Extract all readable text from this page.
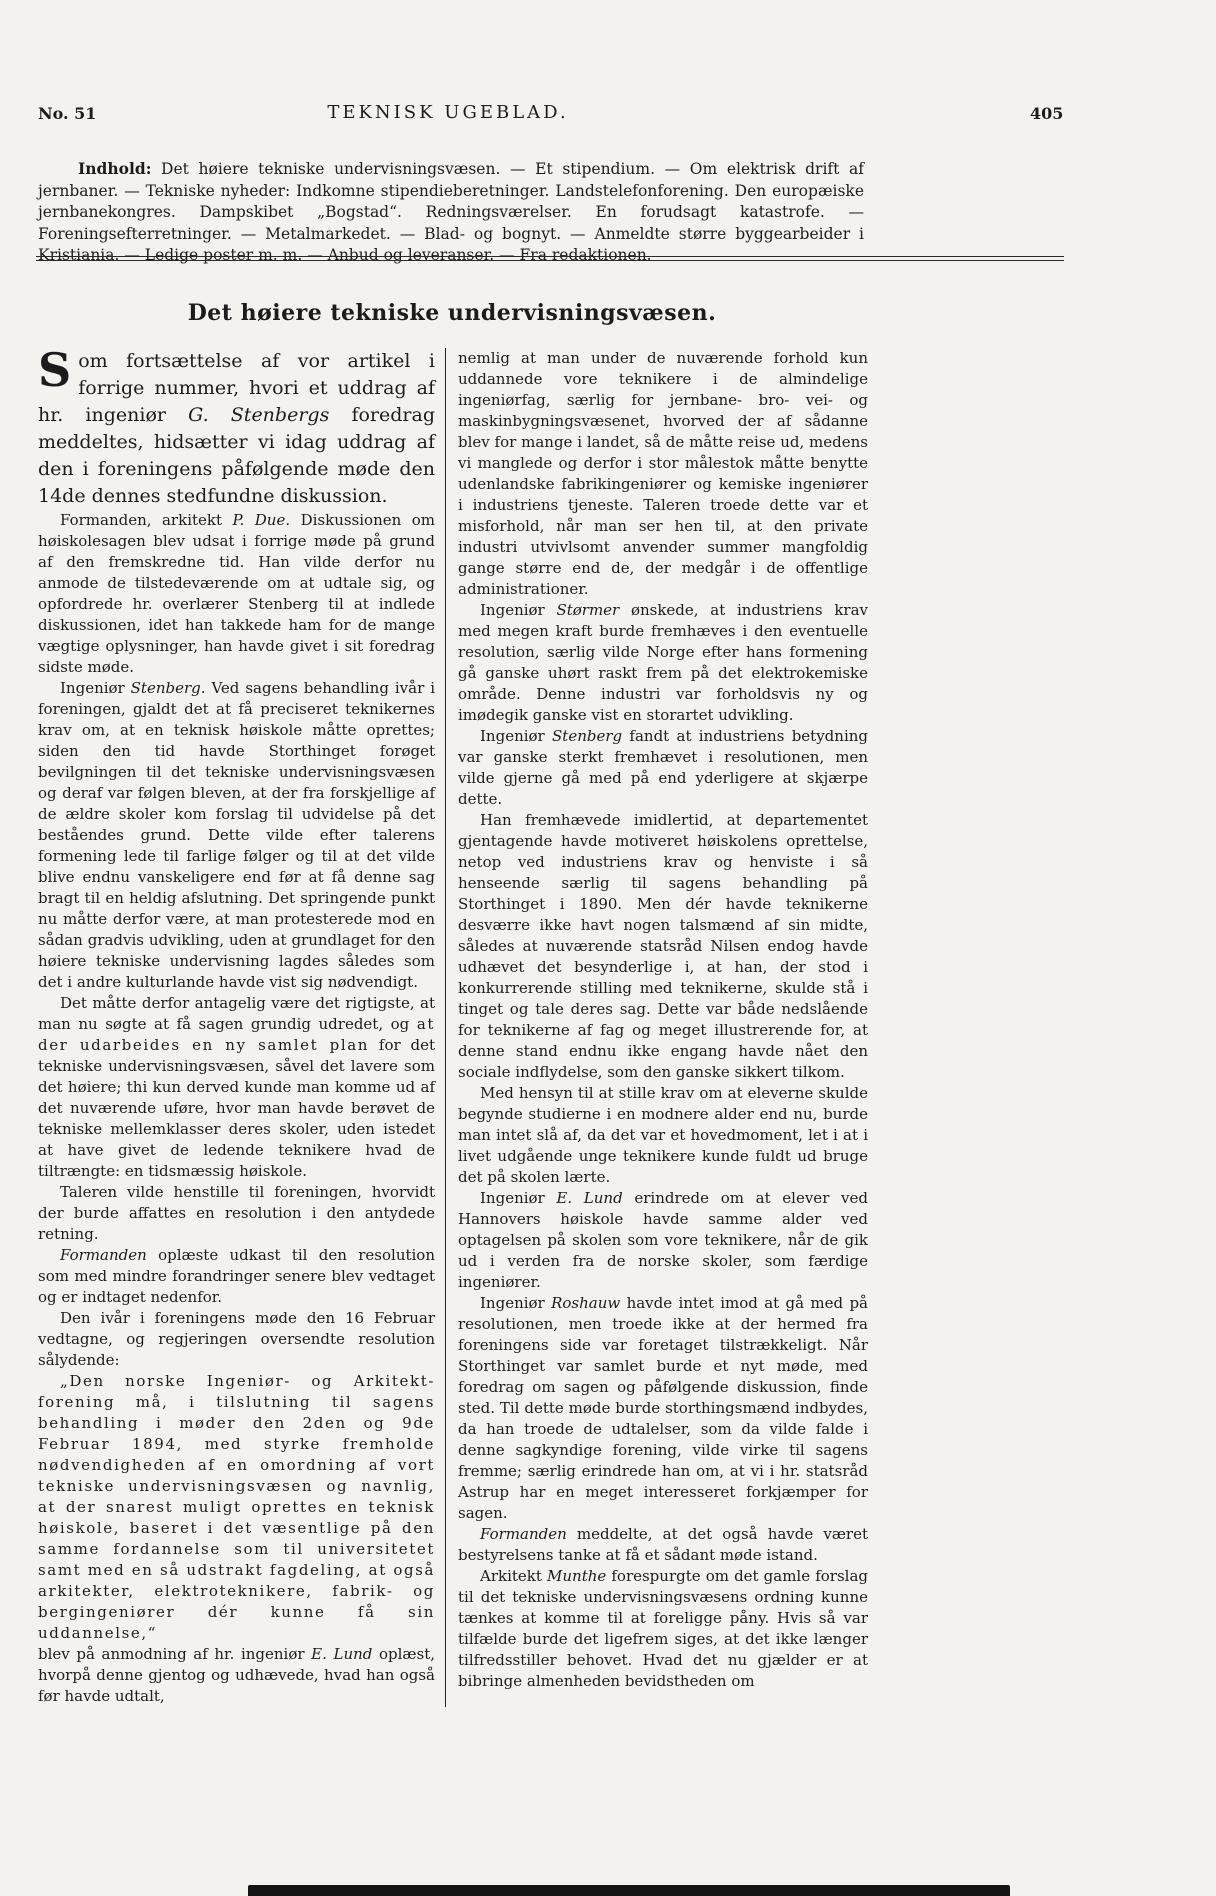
No. 51	TEKNISK UGEBLAD.	405

Indhold: Det høiere tekniske undervisningsvæsen. — Et stipendium. — Om elektrisk drift af jernbaner. — Tekniske nyheder: Indkomne stipendieberetninger. Landstelefonforening. Den europæiske jernbanekongres. Dampskibet „Bogstad“. Redningsværelser. En forudsagt katastrofe. — Foreningsefterretninger. — Metalmarkedet. — Blad- og bognyt. — Anmeldte større byggearbeider i Kristiania. — Ledige poster m. m. — Anbud og leveranser. — Fra redaktionen.

Det høiere tekniske undervisningsvæsen.

Som fortsættelse af vor artikel i forrige nummer, hvori et uddrag af hr. ingeniør G. Stenbergs foredrag meddeltes, hidsætter vi idag uddrag af den i foreningens påfølgende møde den 14de dennes stedfundne diskussion.

Formanden, arkitekt P. Due. Diskussionen om høiskolesagen blev udsat i forrige møde på grund af den fremskredne tid. Han vilde derfor nu anmode de tilstedeværende om at udtale sig, og opfordrede hr. overlærer Stenberg til at indlede diskussionen, idet han takkede ham for de mange vægtige oplysninger, han havde givet i sit foredrag sidste møde.

Ingeniør Stenberg. Ved sagens behandling ivår i foreningen, gjaldt det at få preciseret teknikernes krav om, at en teknisk høiskole måtte oprettes; siden den tid havde Storthinget forøget bevilgningen til det tekniske undervisningsvæsen og deraf var følgen bleven, at der fra forskjellige af de ældre skoler kom forslag til udvidelse på det beståendes grund. Dette vilde efter talerens formening lede til farlige følger og til at det vilde blive endnu vanskeligere end før at få denne sag bragt til en heldig afslutning. Det springende punkt nu måtte derfor være, at man protesterede mod en sådan gradvis udvikling, uden at grundlaget for den høiere tekniske undervisning lagdes således som det i andre kulturlande havde vist sig nødvendigt.

Det måtte derfor antagelig være det rigtigste, at man nu søgte at få sagen grundig udredet, og at der udarbeides en ny samlet plan for det tekniske undervisningsvæsen, såvel det lavere som det høiere; thi kun derved kunde man komme ud af det nuværende uføre, hvor man havde berøvet de tekniske mellemklasser deres skoler, uden istedet at have givet de ledende teknikere hvad de tiltrængte: en tidsmæssig høiskole.

Taleren vilde henstille til foreningen, hvorvidt der burde affattes en resolution i den antydede retning.

Formanden oplæste udkast til den resolution som med mindre forandringer senere blev vedtaget og er indtaget nedenfor.

Den ivår i foreningens møde den 16 Februar vedtagne, og regjeringen oversendte resolution sålydende:

„Den norske Ingeniør- og Arkitekt-forening må, i tilslutning til sagens behandling i møder den 2den og 9de Februar 1894, med styrke fremholde nødvendigheden af en omordning af vort tekniske undervisningsvæsen og navnlig, at der snarest muligt oprettes en teknisk høiskole, baseret i det væsentlige på den samme fordannelse som til universitetet samt med en så udstrakt fagdeling, at også arkitekter, elektroteknikere, fabrik- og bergingeniører dér kunne få sin uddannelse,“

blev på anmodning af hr. ingeniør E. Lund oplæst, hvorpå denne gjentog og udhævede, hvad han også før havde udtalt,

nemlig at man under de nuværende forhold kun uddannede vore teknikere i de almindelige ingeniørfag, særlig for jernbane- bro- vei- og maskinbygningsvæsenet, hvorved der af sådanne blev for mange i landet, så de måtte reise ud, medens vi manglede og derfor i stor målestok måtte benytte udenlandske fabrikingeniører og kemiske ingeniører i industriens tjeneste. Taleren troede dette var et misforhold, når man ser hen til, at den private industri utvivlsomt anvender summer mangfoldig gange større end de, der medgår i de offentlige administrationer.

Ingeniør Størmer ønskede, at industriens krav med megen kraft burde fremhæves i den eventuelle resolution, særlig vilde Norge efter hans formening gå ganske uhørt raskt frem på det elektrokemiske område. Denne industri var forholdsvis ny og imødegik ganske vist en storartet udvikling.

Ingeniør Stenberg fandt at industriens betydning var ganske sterkt fremhævet i resolutionen, men vilde gjerne gå med på end yderligere at skjærpe dette.

Han fremhævede imidlertid, at departementet gjentagende havde motiveret høiskolens oprettelse, netop ved industriens krav og henviste i så henseende særlig til sagens behandling på Storthinget i 1890. Men dér havde teknikerne desværre ikke havt nogen talsmænd af sin midte, således at nuværende statsråd Nilsen endog havde udhævet det besynderlige i, at han, der stod i konkurrerende stilling med teknikerne, skulde stå i tinget og tale deres sag. Dette var både nedslående for teknikerne af fag og meget illustrerende for, at denne stand endnu ikke engang havde nået den sociale indflydelse, som den ganske sikkert tilkom.

Med hensyn til at stille krav om at eleverne skulde begynde studierne i en modnere alder end nu, burde man intet slå af, da det var et hovedmoment, let i at i livet udgående unge teknikere kunde fuldt ud bruge det på skolen lærte.

Ingeniør E. Lund erindrede om at elever ved Hannovers høiskole havde samme alder ved optagelsen på skolen som vore teknikere, når de gik ud i verden fra de norske skoler, som færdige ingeniører.

Ingeniør Roshauw havde intet imod at gå med på resolutionen, men troede ikke at der hermed fra foreningens side var foretaget tilstrækkeligt. Når Storthinget var samlet burde et nyt møde, med foredrag om sagen og påfølgende diskussion, finde sted. Til dette møde burde storthingsmænd indbydes, da han troede de udtalelser, som da vilde falde i denne sagkyndige forening, vilde virke til sagens fremme; særlig erindrede han om, at vi i hr. statsråd Astrup har en meget interesseret forkjæmper for sagen.

Formanden meddelte, at det også havde været bestyrelsens tanke at få et sådant møde istand.

Arkitekt Munthe forespurgte om det gamle forslag til det tekniske undervisningsvæsens ordning kunne tænkes at komme til at foreligge påny. Hvis så var tilfælde burde det ligefrem siges, at det ikke længer tilfredsstiller behovet. Hvad det nu gjælder er at bibringe almenheden bevidstheden om
